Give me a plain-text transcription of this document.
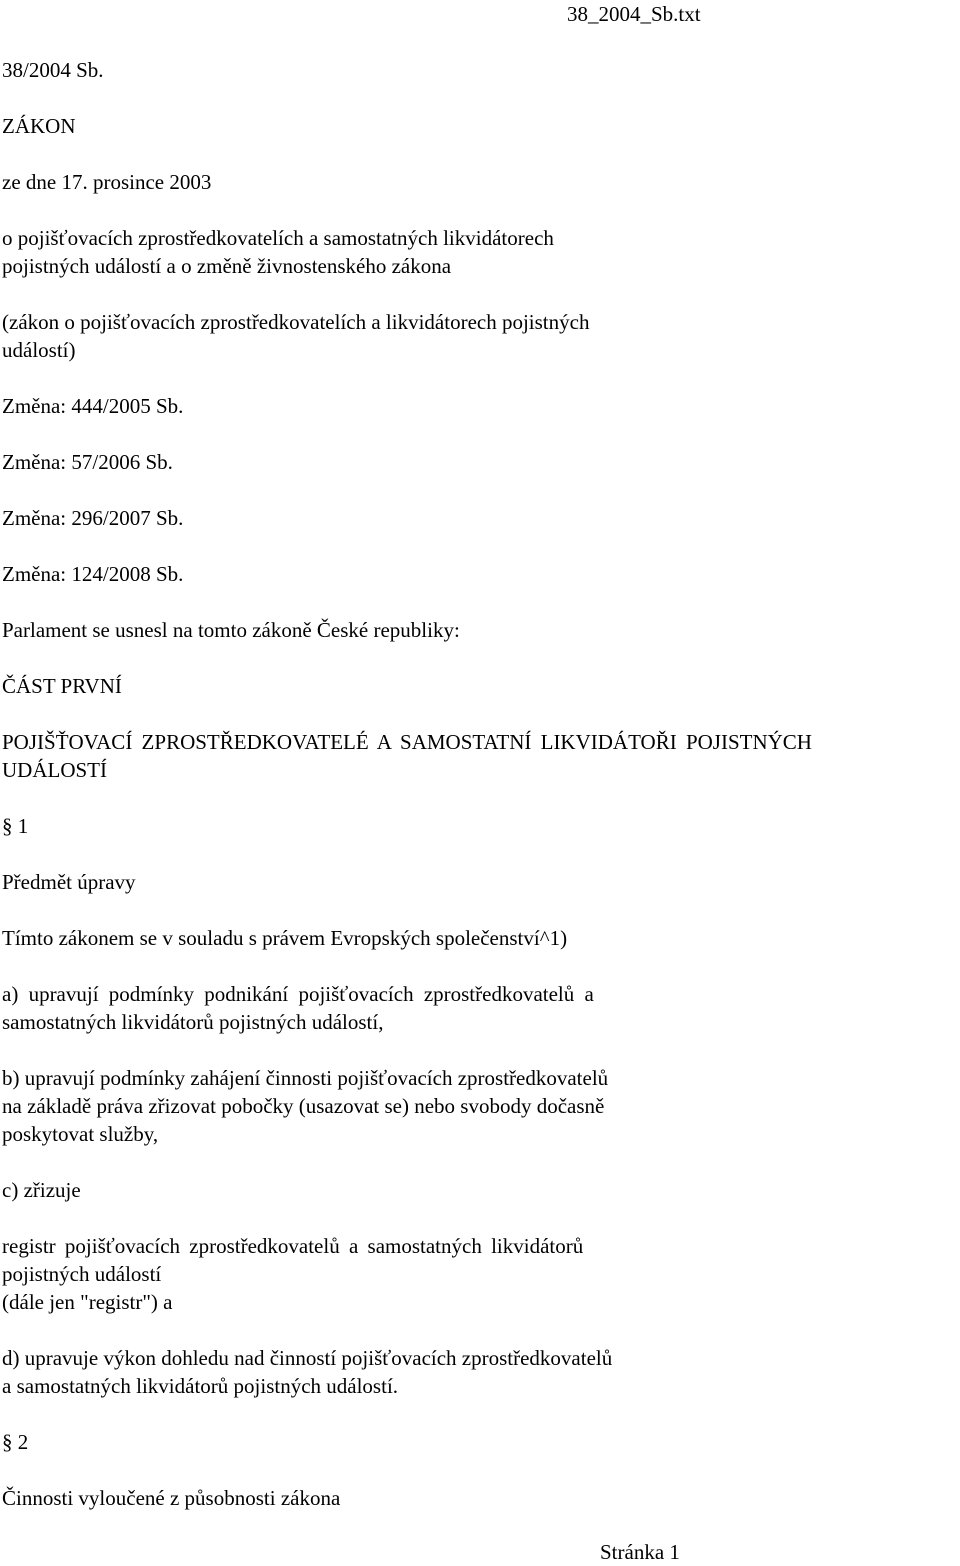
38_2004_Sb.txt
38/2004 Sb.
ZÁKON
ze dne 17. prosince 2003
o pojišťovacích zprostředkovatelích a samostatných likvidátorech
pojistných událostí a o změně živnostenského zákona
(zákon o pojišťovacích zprostředkovatelích a likvidátorech pojistných
událostí)
Změna: 444/2005 Sb.
Změna: 57/2006 Sb.
Změna: 296/2007 Sb.
Změna: 124/2008 Sb.
Parlament se usnesl na tomto zákoně České republiky:
ČÁST PRVNÍ
POJIŠŤOVACÍ ZPROSTŘEDKOVATELÉ A SAMOSTATNÍ LIKVIDÁTOŘI POJISTNÝCH
UDÁLOSTÍ
§ 1
Předmět úpravy
Tímto zákonem se v souladu s právem Evropských společenství^1)
a) upravují podmínky podnikání pojišťovacích zprostředkovatelů a
samostatných likvidátorů pojistných událostí,
b) upravují podmínky zahájení činnosti pojišťovacích zprostředkovatelů
na základě práva zřizovat pobočky (usazovat se) nebo svobody dočasně
poskytovat služby,
c) zřizuje
registr pojišťovacích zprostředkovatelů a samostatných likvidátorů
pojistných událostí
(dále jen "registr") a
d) upravuje výkon dohledu nad činností pojišťovacích zprostředkovatelů
a samostatných likvidátorů pojistných událostí.
§ 2
Činnosti vyloučené z působnosti zákona
Stránka 1
